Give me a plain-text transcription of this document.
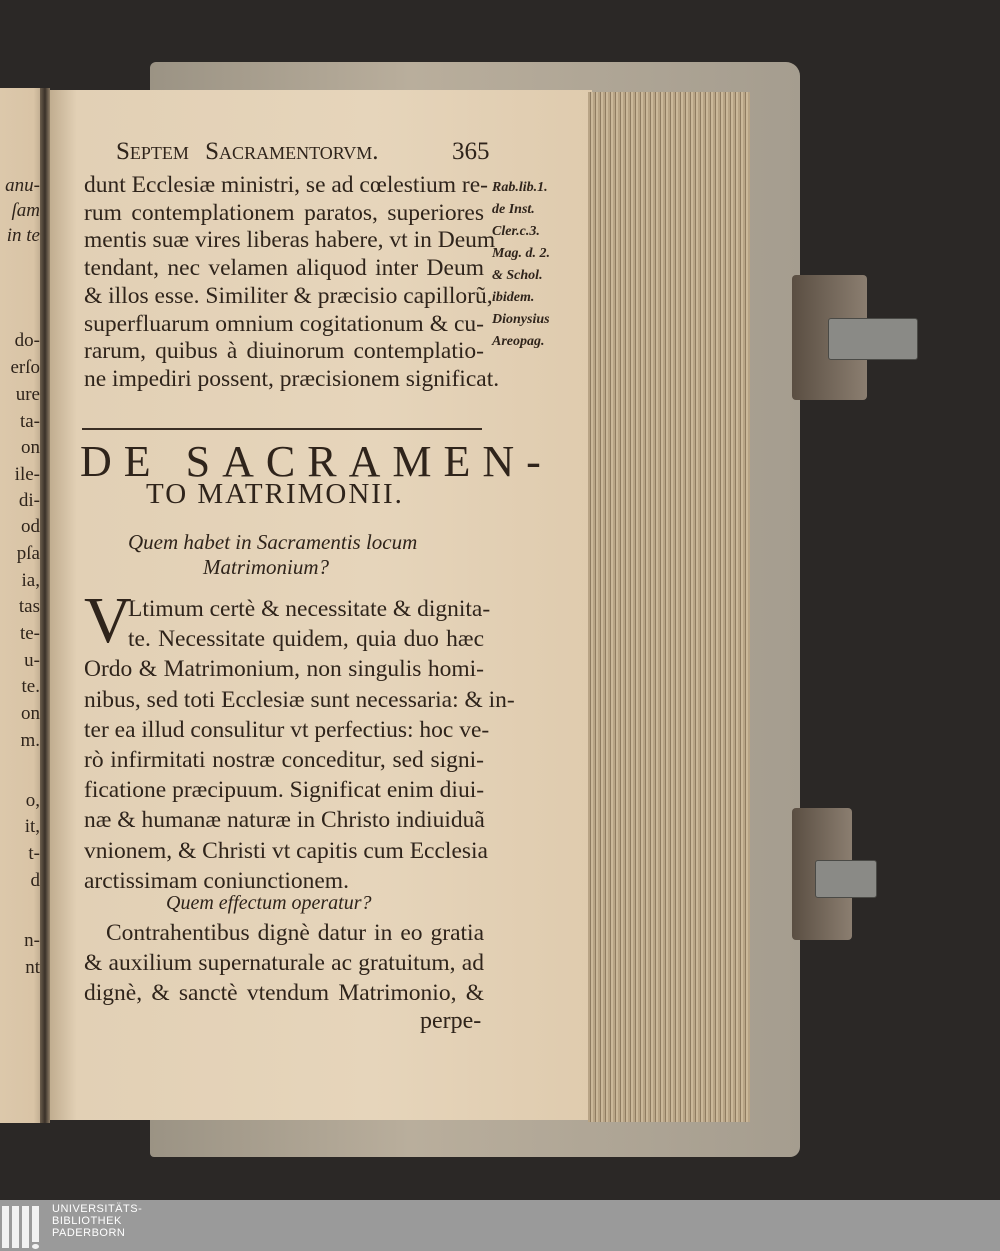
Septem Sacramentorvm.	365
dunt Ecclesiæ ministri, se ad cœlestium re-
rum contemplationem paratos, superiores
mentis suæ vires liberas habere, vt in Deum
tendant, nec velamen aliquod inter Deum
& illos esse. Similiter & præcisio capillorũ,
superfluarum omnium cogitationum & cu-
rarum, quibus à diuinorum contemplatio-
ne impediri possent, præcisionem significat.
Rab.lib.1.
de Inst.
Cler.c.3.
Mag. d. 2.
& Schol.
ibidem.
Dionysius
Areopag.
DE SACRAMEN-
TO MATRIMONII.
Quem habet in Sacramentis locum
Matrimonium?
V
Ltimum certè & necessitate & dignita-
te. Necessitate quidem, quia duo hæc
Ordo & Matrimonium, non singulis homi-
nibus, sed toti Ecclesiæ sunt necessaria: & in-
ter ea illud consulitur vt perfectius: hoc ve-
rò infirmitati nostræ conceditur, sed signi-
ficatione præcipuum. Significat enim diui-
næ & humanæ naturæ in Christo indiuiduã
vnionem, & Christi vt capitis cum Ecclesia
arctissimam coniunctionem.
Quem effectum operatur?
Contrahentibus dignè datur in eo gratia
& auxilium supernaturale ac gratuitum, ad
dignè, & sanctè vtendum Matrimonio, &
perpe-
anu-
ſam
in te
do-
erſo
ure
ta-
on
ile-
di-
od
pſa
ia,
tas
te-
u-
te.
on
m.
o,
it,
t-
d
n-
nt
UNIVERSITÄTS-
BIBLIOTHEK
PADERBORN
